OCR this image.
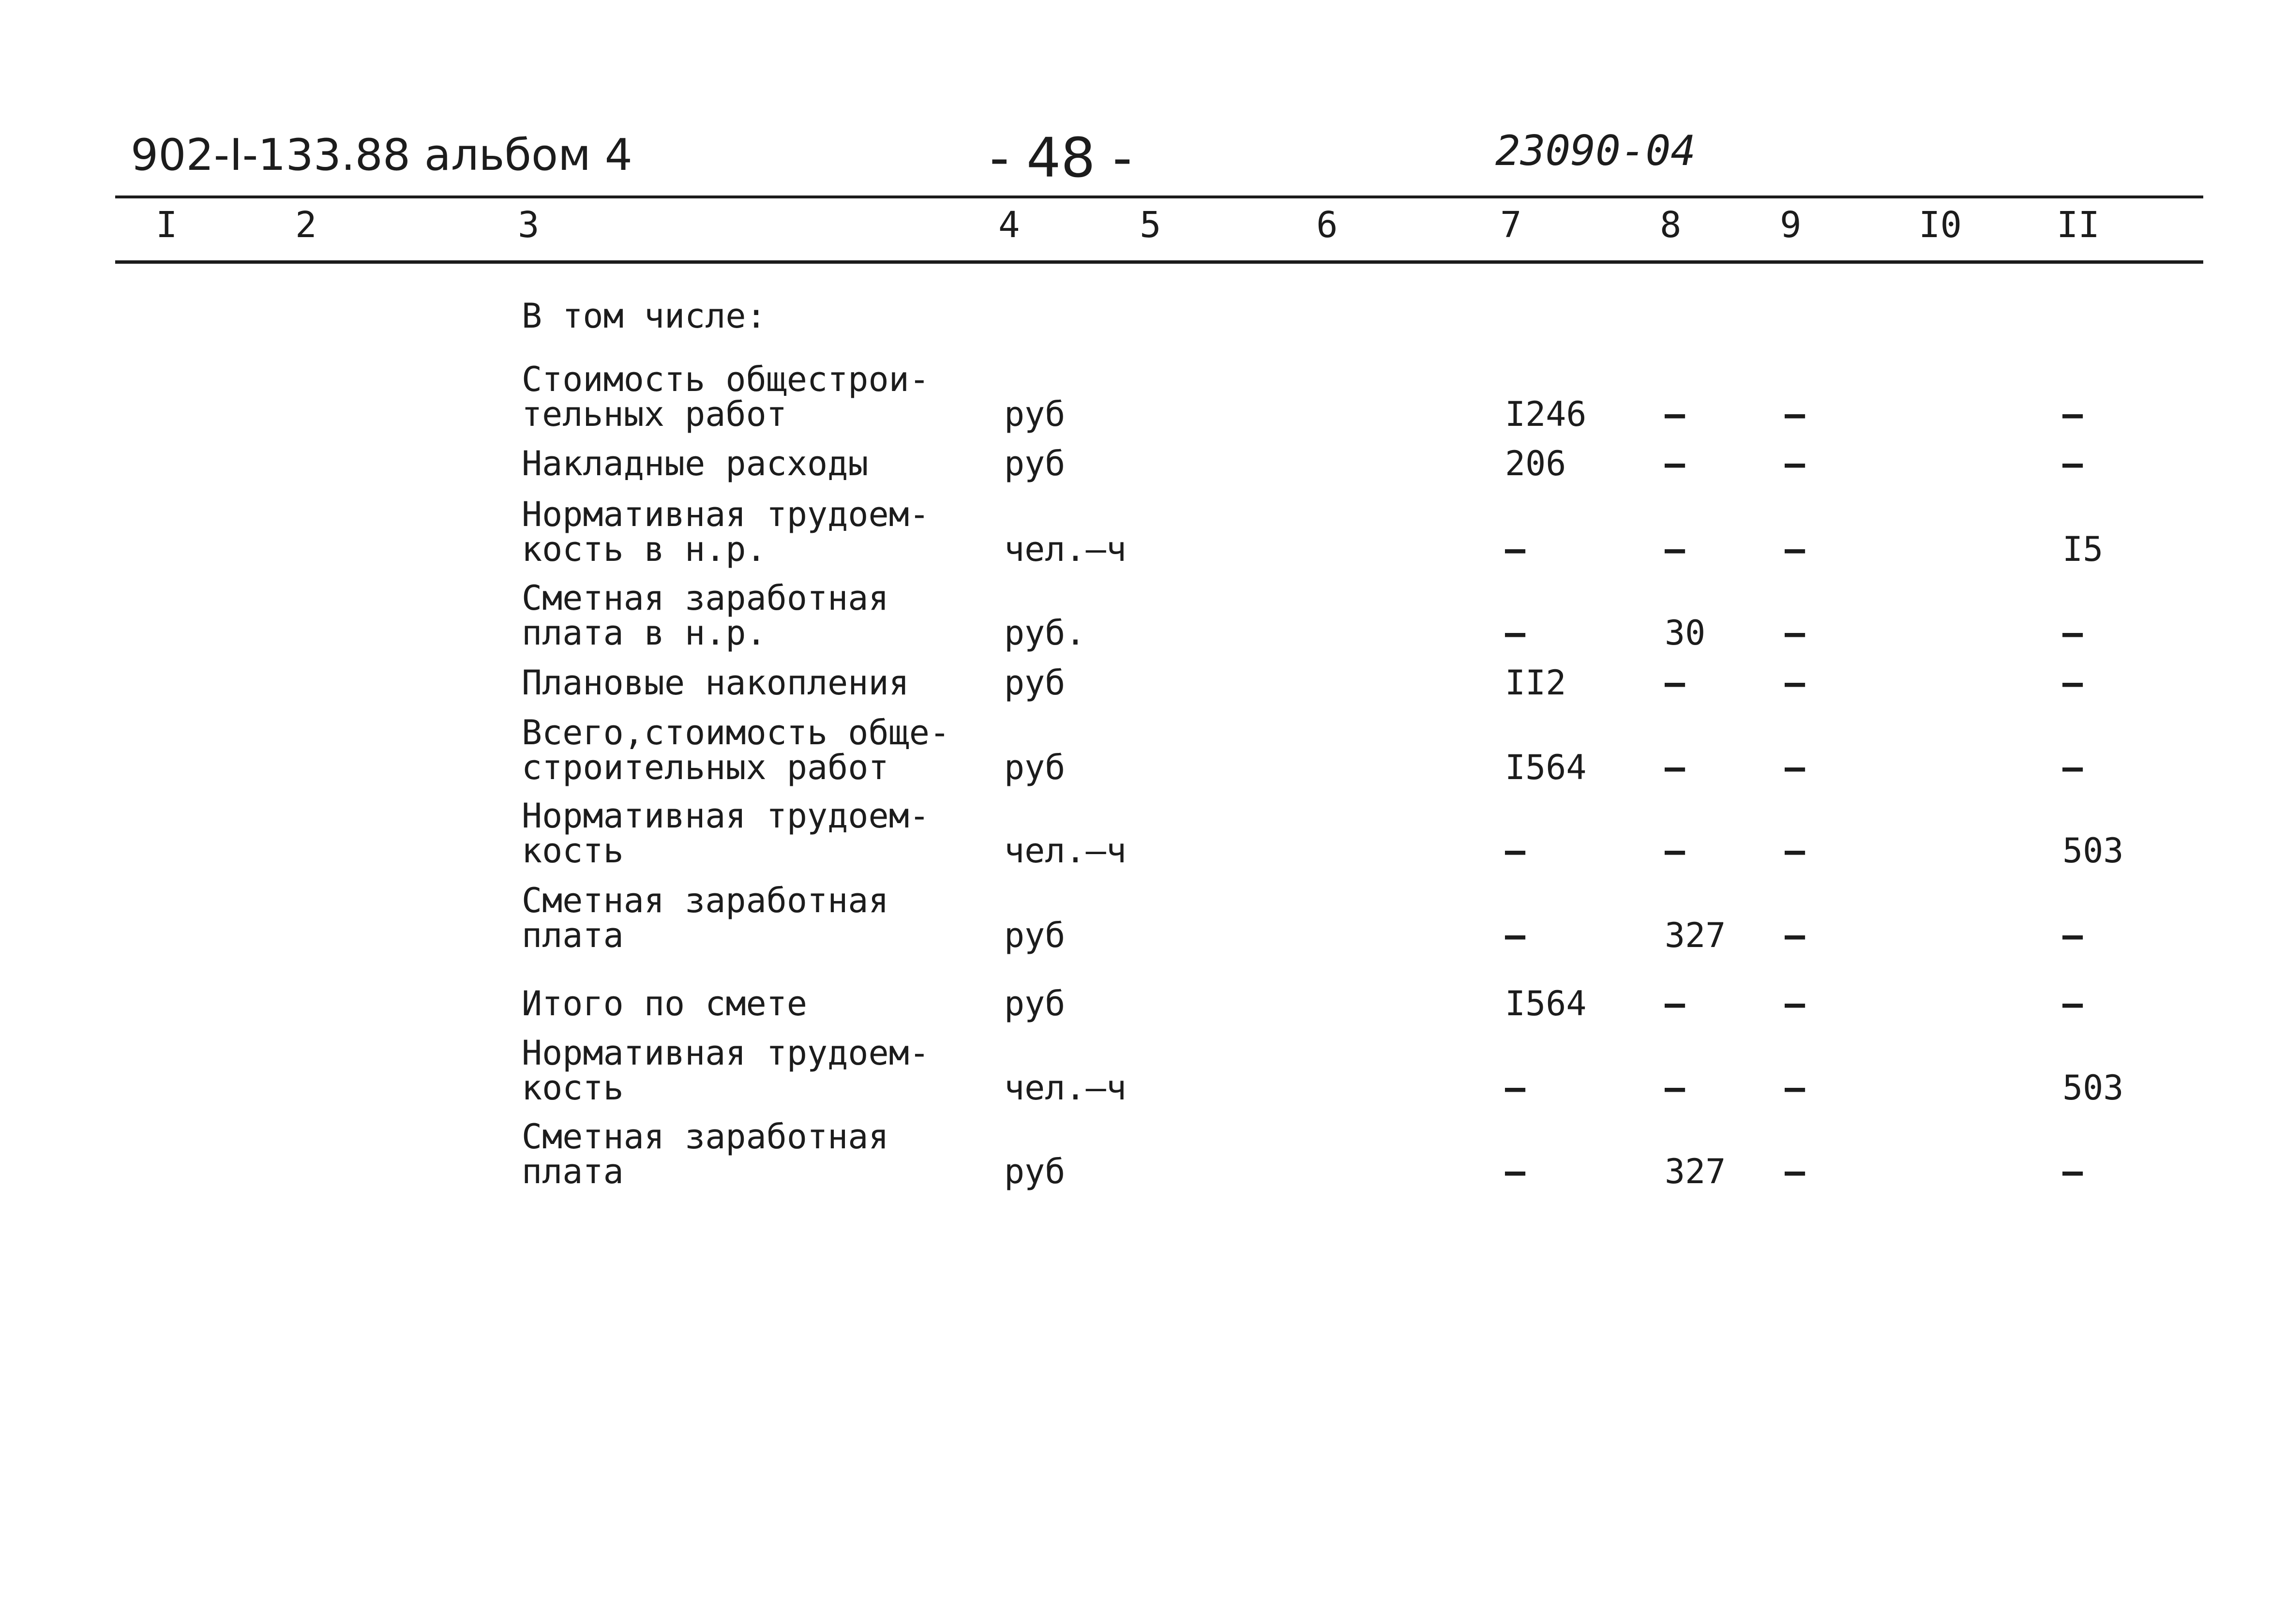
902-I-133.88 альбом 4	- 48 -	23090-04
I	2	3	4	5	6	7	8	9	I0	II
В том числе:
Стоимость общестрои-
тельных работ	руб	I246 –	–	–
Накладные расходы	руб	206	–	–	–
Нормативная трудоем-
кость в н.р.	чел.–ч	–	–	–	I5
Сметная заработная
плата в н.р.	руб.	–	30 –	–
Плановые накопления	руб	II2	–	–	–
Всего,стоимость обще-
строительных работ	руб	I564 –	–	–
Нормативная трудоем-
кость	чел.–ч	–	–	–	503
Сметная заработная
плата	руб	–	327 –	–
Итого по смете	руб	I564 –	–	–
Нормативная трудоем-
кость	чел.–ч	–	–	–	503
Сметная заработная
плата	руб	–	327 –	–
